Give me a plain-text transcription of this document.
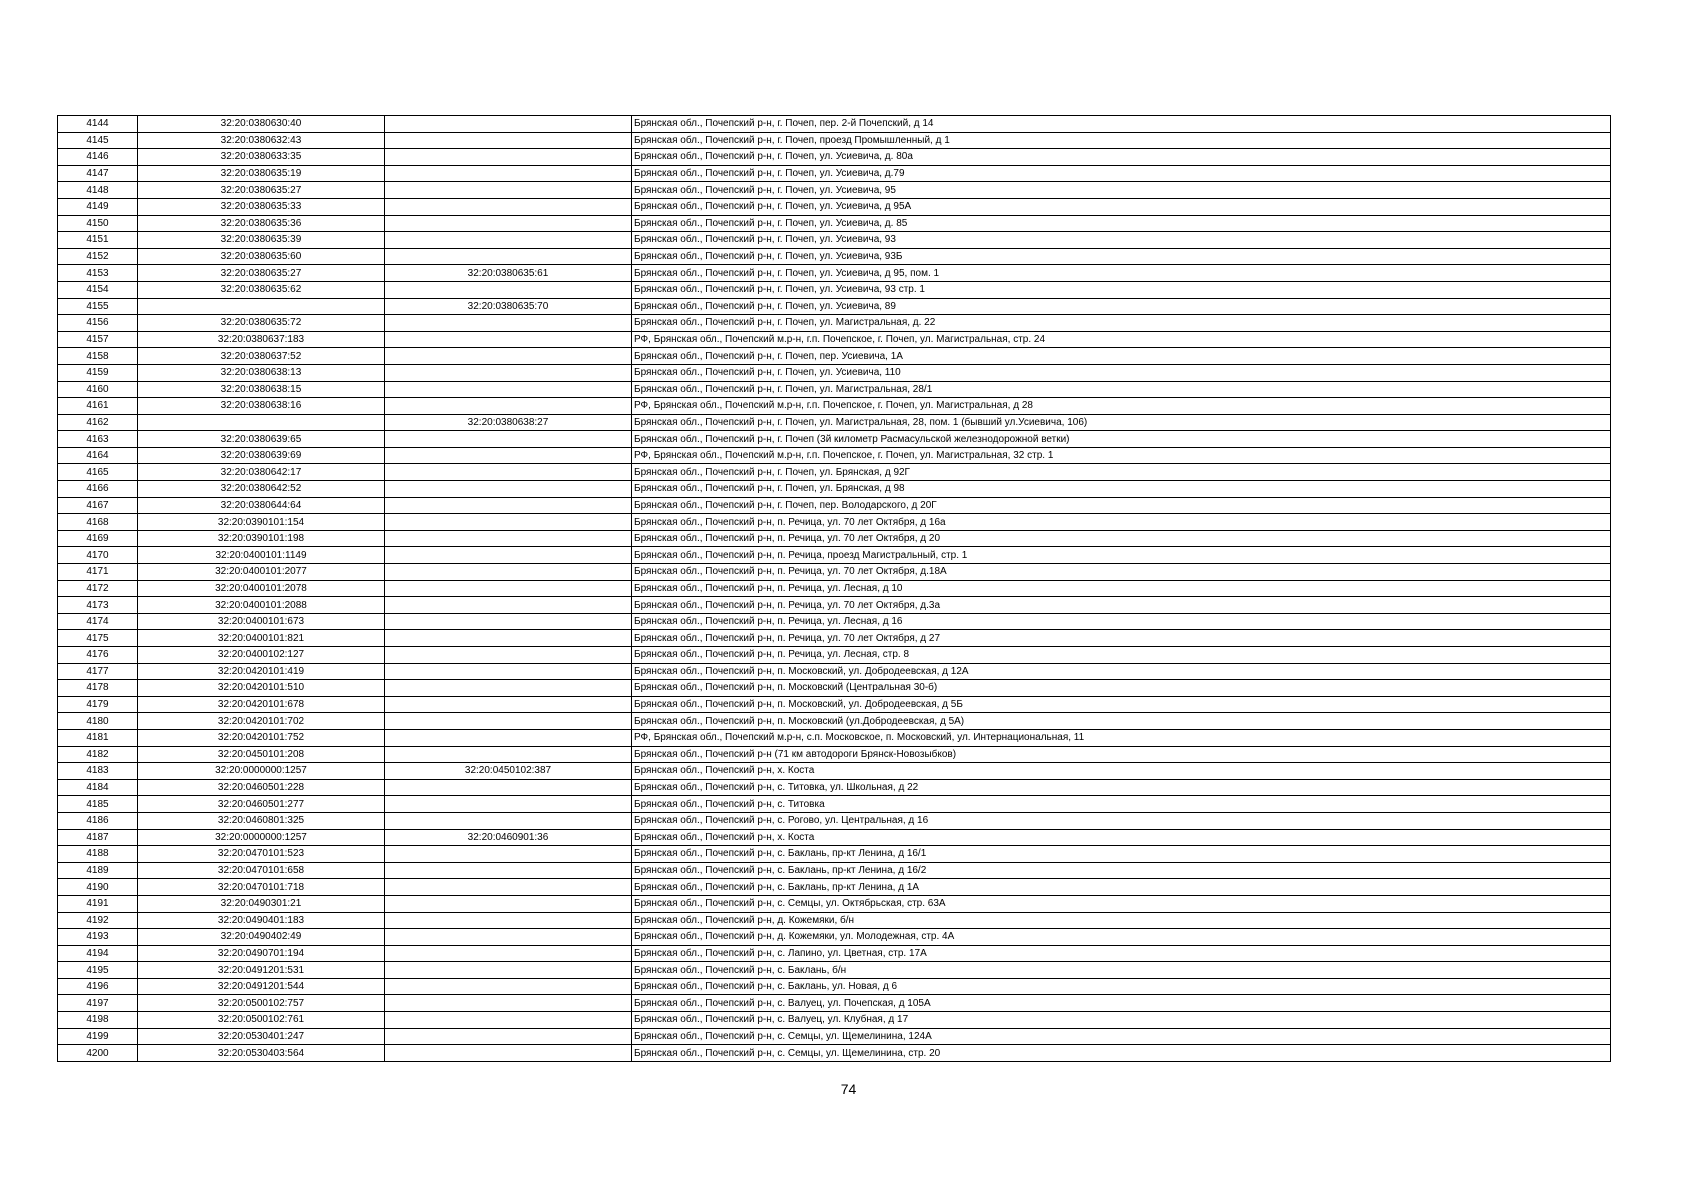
4144	32:20:0380630:40		Брянская обл., Почепский р-н, г. Почеп, пер. 2-й Почепский, д 14
4145	32:20:0380632:43		Брянская обл., Почепский р-н, г. Почеп, проезд Промышленный, д 1
4146	32:20:0380633:35		Брянская обл., Почепский р-н, г. Почеп, ул. Усиевича, д. 80а
4147	32:20:0380635:19		Брянская обл., Почепский р-н, г. Почеп, ул. Усиевича, д.79
4148	32:20:0380635:27		Брянская обл., Почепский р-н, г. Почеп, ул. Усиевича, 95
4149	32:20:0380635:33		Брянская обл., Почепский р-н, г. Почеп, ул. Усиевича, д 95А
4150	32:20:0380635:36		Брянская обл., Почепский р-н, г. Почеп, ул. Усиевича, д. 85
4151	32:20:0380635:39		Брянская обл., Почепский р-н, г. Почеп, ул. Усиевича, 93
4152	32:20:0380635:60		Брянская обл., Почепский р-н, г. Почеп, ул. Усиевича, 93Б
4153	32:20:0380635:27	32:20:0380635:61	Брянская обл., Почепский р-н, г. Почеп, ул. Усиевича, д 95, пом. 1
4154	32:20:0380635:62		Брянская обл., Почепский р-н, г. Почеп, ул. Усиевича, 93 стр. 1
4155		32:20:0380635:70	Брянская обл., Почепский р-н, г. Почеп, ул. Усиевича, 89
4156	32:20:0380635:72		Брянская обл., Почепский р-н, г. Почеп, ул. Магистральная, д. 22
4157	32:20:0380637:183		РФ, Брянская обл., Почепский м.р-н, г.п. Почепское, г. Почеп, ул. Магистральная, стр. 24
4158	32:20:0380637:52		Брянская обл., Почепский р-н, г. Почеп, пер. Усиевича, 1А
4159	32:20:0380638:13		Брянская обл., Почепский р-н, г. Почеп, ул. Усиевича, 110
4160	32:20:0380638:15		Брянская обл., Почепский р-н, г. Почеп, ул. Магистральная, 28/1
4161	32:20:0380638:16		РФ, Брянская обл., Почепский м.р-н, г.п. Почепское, г. Почеп, ул. Магистральная, д 28
4162		32:20:0380638:27	Брянская обл., Почепский р-н, г. Почеп, ул. Магистральная, 28, пом. 1 (бывший ул.Усиевича, 106)
4163	32:20:0380639:65		Брянская обл., Почепский р-н, г. Почеп (3й километр Расмасульской железнодорожной ветки)
4164	32:20:0380639:69		РФ, Брянская обл., Почепский м.р-н, г.п. Почепское, г. Почеп, ул. Магистральная, 32 стр. 1
4165	32:20:0380642:17		Брянская обл., Почепский р-н, г. Почеп, ул. Брянская, д 92Г
4166	32:20:0380642:52		Брянская обл., Почепский р-н, г. Почеп, ул. Брянская, д 98
4167	32:20:0380644:64		Брянская обл., Почепский р-н, г. Почеп, пер. Володарского, д 20Г
4168	32:20:0390101:154		Брянская обл., Почепский р-н, п. Речица, ул. 70 лет Октября, д 16а
4169	32:20:0390101:198		Брянская обл., Почепский р-н, п. Речица, ул. 70 лет Октября, д 20
4170	32:20:0400101:1149		Брянская обл., Почепский р-н, п. Речица, проезд Магистральный, стр. 1
4171	32:20:0400101:2077		Брянская обл., Почепский р-н, п. Речица, ул. 70 лет Октября, д.18А
4172	32:20:0400101:2078		Брянская обл., Почепский р-н, п. Речица, ул. Лесная, д 10
4173	32:20:0400101:2088		Брянская обл., Почепский р-н, п. Речица, ул. 70 лет Октября, д.3а
4174	32:20:0400101:673		Брянская обл., Почепский р-н, п. Речица, ул. Лесная, д 16
4175	32:20:0400101:821		Брянская обл., Почепский р-н, п. Речица, ул. 70 лет Октября, д 27
4176	32:20:0400102:127		Брянская обл., Почепский р-н, п. Речица, ул. Лесная, стр. 8
4177	32:20:0420101:419		Брянская обл., Почепский р-н, п. Московский, ул. Добродеевская, д 12А
4178	32:20:0420101:510		Брянская обл., Почепский р-н, п. Московский (Центральная 30-б)
4179	32:20:0420101:678		Брянская обл., Почепский р-н, п. Московский, ул. Добродеевская, д 5Б
4180	32:20:0420101:702		Брянская обл., Почепский р-н, п. Московский (ул.Добродеевская, д 5А)
4181	32:20:0420101:752		РФ, Брянская обл., Почепский м.р-н, с.п. Московское, п. Московский, ул. Интернациональная, 11
4182	32:20:0450101:208		Брянская обл., Почепский р-н (71 км автодороги Брянск-Новозыбков)
4183	32:20:0000000:1257	32:20:0450102:387	Брянская обл., Почепский р-н, х. Коста
4184	32:20:0460501:228		Брянская обл., Почепский р-н, с. Титовка, ул. Школьная, д 22
4185	32:20:0460501:277		Брянская обл., Почепский р-н, с. Титовка
4186	32:20:0460801:325		Брянская обл., Почепский р-н, с. Рогово, ул. Центральная, д 16
4187	32:20:0000000:1257	32:20:0460901:36	Брянская обл., Почепский р-н, х. Коста
4188	32:20:0470101:523		Брянская обл., Почепский р-н, с. Баклань, пр-кт Ленина, д 16/1
4189	32:20:0470101:658		Брянская обл., Почепский р-н, с. Баклань, пр-кт Ленина, д 16/2
4190	32:20:0470101:718		Брянская обл., Почепский р-н, с. Баклань, пр-кт Ленина, д 1А
4191	32:20:0490301:21		Брянская обл., Почепский р-н, с. Семцы, ул. Октябрьская, стр. 63А
4192	32:20:0490401:183		Брянская обл., Почепский р-н, д. Кожемяки, б/н
4193	32:20:0490402:49		Брянская обл., Почепский р-н, д. Кожемяки, ул. Молодежная, стр. 4А
4194	32:20:0490701:194		Брянская обл., Почепский р-н, с. Лапино, ул. Цветная, стр. 17А
4195	32:20:0491201:531		Брянская обл., Почепский р-н, с. Баклань, б/н
4196	32:20:0491201:544		Брянская обл., Почепский р-н, с. Баклань, ул. Новая, д 6
4197	32:20:0500102:757		Брянская обл., Почепский р-н, с. Валуец, ул. Почепская, д 105А
4198	32:20:0500102:761		Брянская обл., Почепский р-н, с. Валуец, ул. Клубная, д 17
4199	32:20:0530401:247		Брянская обл., Почепский р-н, с. Семцы, ул. Щемелинина, 124А
4200	32:20:0530403:564		Брянская обл., Почепский р-н, с. Семцы, ул. Щемелинина, стр. 20
74
